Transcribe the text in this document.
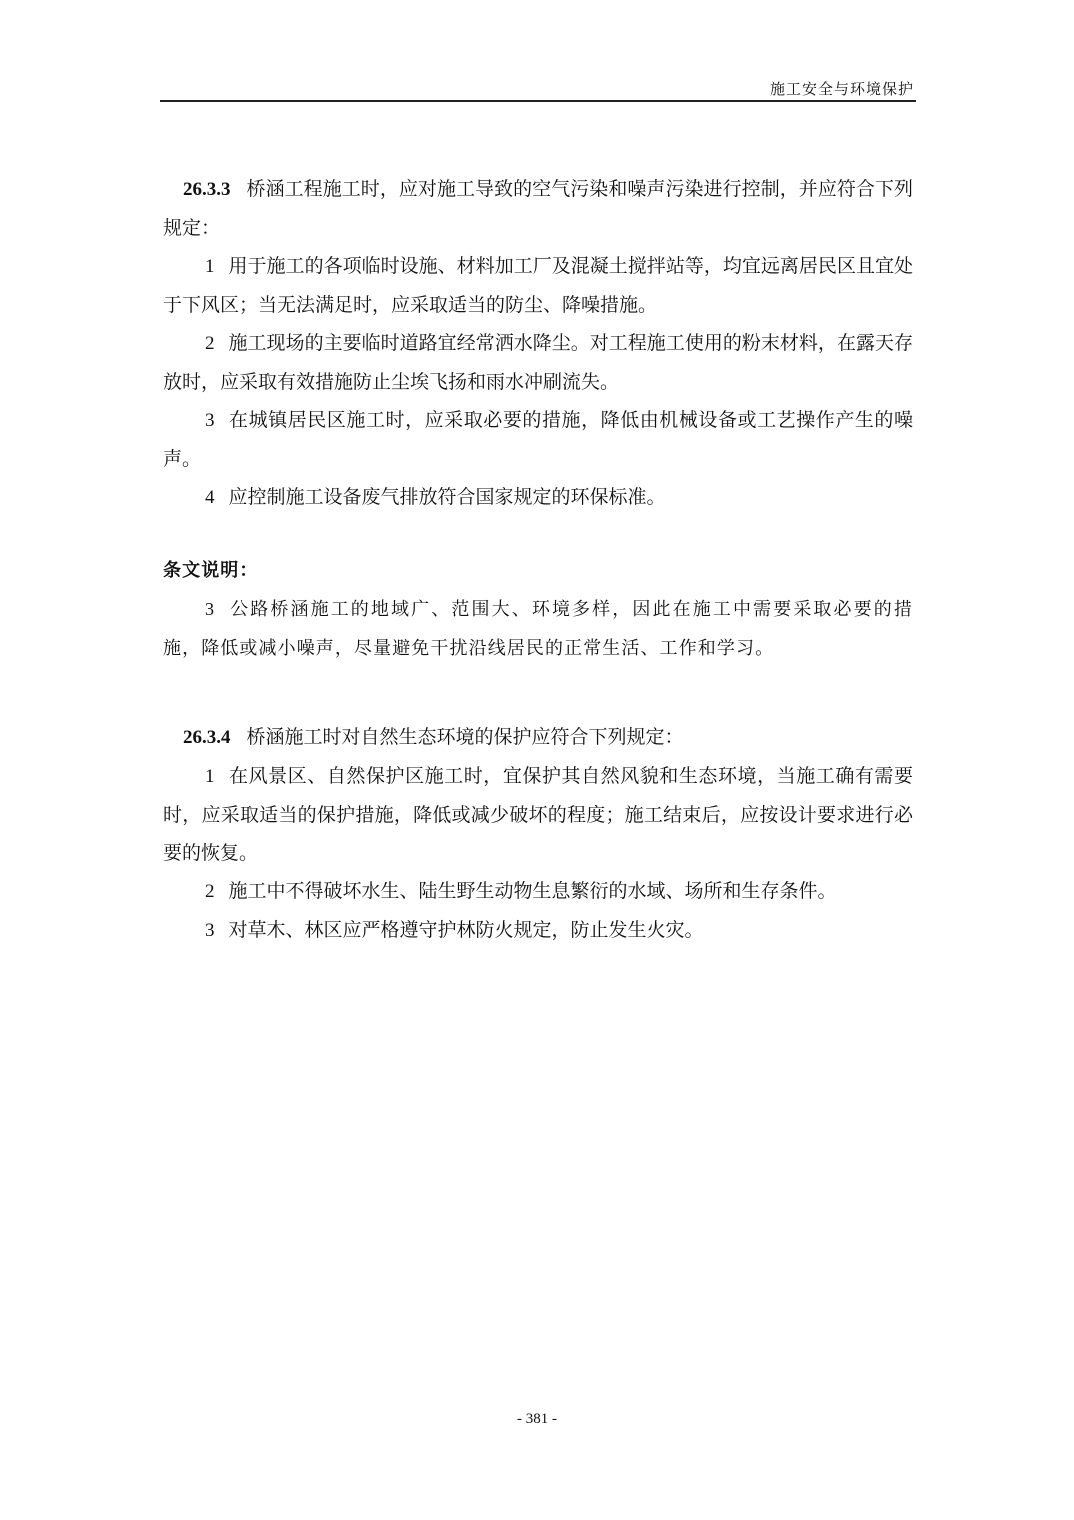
施工安全与环境保护

26.3.3 桥涵工程施工时，应对施工导致的空气污染和噪声污染进行控制，并应符合下列规定：

1 用于施工的各项临时设施、材料加工厂及混凝土搅拌站等，均宜远离居民区且宜处于下风区；当无法满足时，应采取适当的防尘、降噪措施。

2 施工现场的主要临时道路宜经常洒水降尘。对工程施工使用的粉末材料，在露天存放时，应采取有效措施防止尘埃飞扬和雨水冲刷流失。

3 在城镇居民区施工时，应采取必要的措施，降低由机械设备或工艺操作产生的噪声。

4 应控制施工设备废气排放符合国家规定的环保标准。

条文说明：

3 公路桥涵施工的地域广、范围大、环境多样，因此在施工中需要采取必要的措施，降低或减小噪声，尽量避免干扰沿线居民的正常生活、工作和学习。

26.3.4 桥涵施工时对自然生态环境的保护应符合下列规定：

1 在风景区、自然保护区施工时，宜保护其自然风貌和生态环境，当施工确有需要时，应采取适当的保护措施，降低或减少破坏的程度；施工结束后，应按设计要求进行必要的恢复。

2 施工中不得破坏水生、陆生野生动物生息繁衍的水域、场所和生存条件。

3 对草木、林区应严格遵守护林防火规定，防止发生火灾。

- 381 -
